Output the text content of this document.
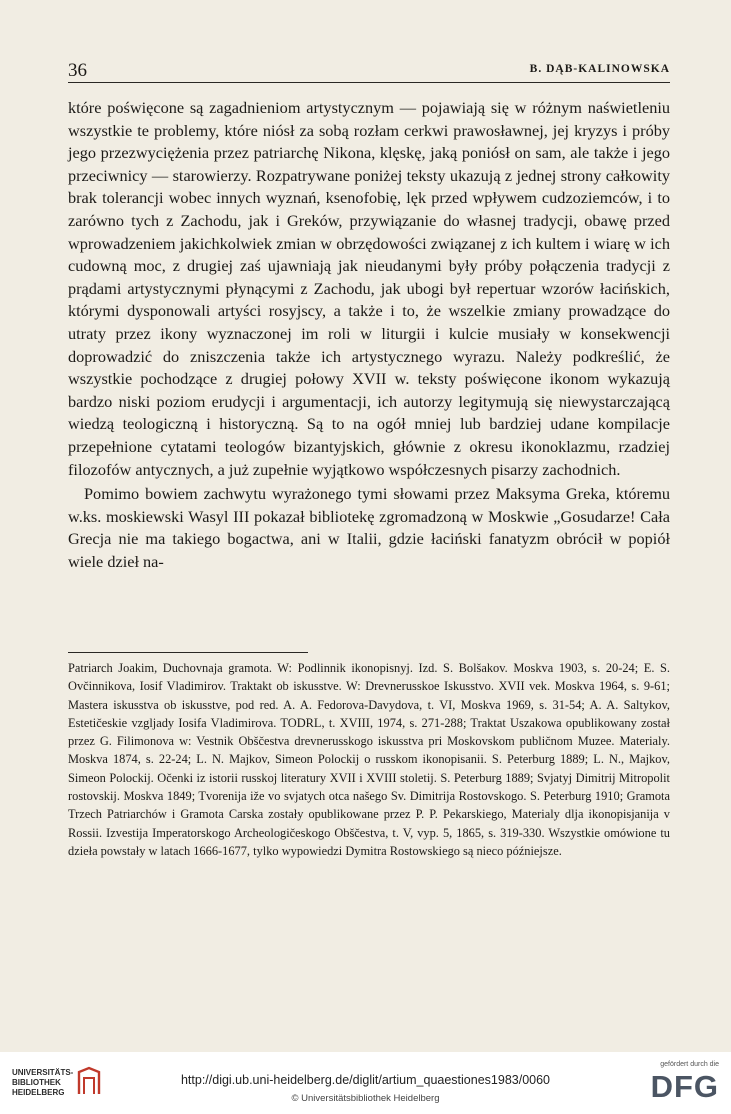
36	B. DĄB-KALINOWSKA

które poświęcone są zagadnieniom artystycznym — pojawiają się w różnym naświetleniu wszystkie te problemy, które niósł za sobą rozłam cerkwi prawosławnej, jej kryzys i próby jego przezwyciężenia przez patriarchę Nikona, klęskę, jaką poniósł on sam, ale także i jego przeciwnicy — starowierzy. Rozpatrywane poniżej teksty ukazują z jednej strony całkowity brak tolerancji wobec innych wyznań, ksenofobię, lęk przed wpływem cudzoziemców, i to zarówno tych z Zachodu, jak i Greków, przywiązanie do własnej tradycji, obawę przed wprowadzeniem jakichkolwiek zmian w obrzędowości związanej z ich kultem i wiarę w ich cudowną moc, z drugiej zaś ujawniają jak nieudanymi były próby połączenia tradycji z prądami artystycznymi płynącymi z Zachodu, jak ubogi był repertuar wzorów łacińskich, którymi dysponowali artyści rosyjscy, a także i to, że wszelkie zmiany prowadzące do utraty przez ikony wyznaczonej im roli w liturgii i kulcie musiały w konsekwencji doprowadzić do zniszczenia także ich artystycznego wyrazu. Należy podkreślić, że wszystkie pochodzące z drugiej połowy XVII w. teksty poświęcone ikonom wykazują bardzo niski poziom erudycji i argumentacji, ich autorzy legitymują się niewystarczającą wiedzą teologiczną i historyczną. Są to na ogół mniej lub bardziej udane kompilacje przepełnione cytatami teologów bizantyjskich, głównie z okresu ikonoklazmu, rzadziej filozofów antycznych, a już zupełnie wyjątkowo współczesnych pisarzy zachodnich.

Pomimo bowiem zachwytu wyrażonego tymi słowami przez Maksyma Greka, któremu w.ks. moskiewski Wasyl III pokazał bibliotekę zgromadzoną w Moskwie „Gosudarze! Cała Grecja nie ma takiego bogactwa, ani w Italii, gdzie łaciński fanatyzm obrócił w popiół wiele dzieł na-

Patriarch Joakim, Duchovnaja gramota. W: Podlinnik ikonopisnyj. Izd. S. Bolšakov. Moskva 1903, s. 20-24; E. S. Ovčinnikova, Iosif Vladimirov. Traktakt ob iskusstve. W: Drevnerusskoe Iskusstvo. XVII vek. Moskva 1964, s. 9-61; Mastera iskusstva ob iskusstve, pod red. A. A. Fedorova-Davydova, t. VI, Moskva 1969, s. 31-54; A. A. Saltykov, Estetičeskie vzgljady Iosifa Vladimirova. TODRL, t. XVIII, 1974, s. 271-288; Traktat Uszakowa opublikowany został przez G. Filimonova w: Vestnik Obščestva drevnerusskogo iskusstva pri Moskovskom publičnom Muzee. Materialy. Moskva 1874, s. 22-24; L. N. Majkov, Simeon Polockij o russkom ikonopisanii. S. Peterburg 1889; L. N., Majkov, Simeon Polockij. Očenki iz istorii russkoj literatury XVII i XVIII stoletij. S. Peterburg 1889; Svjatyj Dimitrij Mitropolit rostovskij. Moskva 1849; Tvorenija iže vo svjatych otca našego Sv. Dimitrija Rostovskogo. S. Peterburg 1910; Gramota Trzech Patriarchów i Gramota Carska zostały opublikowane przez P. P. Pekarskiego, Materialy dlja ikonopisjanija v Rossii. Izvestija Imperatorskogo Archeologičeskogo Obščestva, t. V, vyp. 5, 1865, s. 319-330. Wszystkie omówione tu dzieła powstały w latach 1666-1677, tylko wypowiedzi Dymitra Rostowskiego są nieco późniejsze.

UNIVERSITÄTS-
BIBLIOTHEK
HEIDELBERG
http://digi.ub.uni-heidelberg.de/diglit/artium_quaestiones1983/0060
© Universitätsbibliothek Heidelberg
gefördert durch die
DFG
